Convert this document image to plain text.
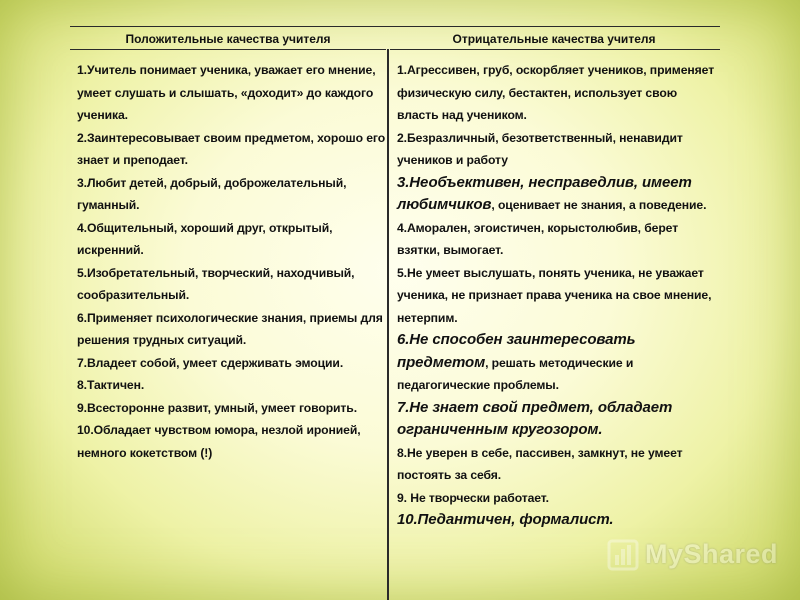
Положительные качества учителя	Отрицательные качества учителя

1.Учитель понимает ученика, уважает его мнение, умеет слушать и слышать, «доходит» до каждого ученика.

2.Заинтересовывает своим предметом, хорошо его знает и преподает.

3.Любит детей, добрый, доброжелательный, гуманный.

4.Общительный, хороший друг, открытый, искренний.

5.Изобретательный, творческий, находчивый, сообразительный.

6.Применяет психологические знания, приемы для решения трудных ситуаций.

7.Владеет собой, умеет сдерживать эмоции.

8.Тактичен.

9.Всесторонне развит, умный, умеет говорить.

10.Обладает чувством юмора, незлой иронией, немного кокетством (!)

1.Агрессивен, груб, оскорбляет учеников, применяет физическую силу, бестактен, использует свою власть над учеником.

2.Безразличный, безответственный, ненавидит учеников и работу

3.Необъективен, несправедлив, имеет любимчиков, оценивает не знания, а поведение.

4.Аморален, эгоистичен, корыстолюбив, берет взятки, вымогает.

5.Не умеет выслушать, понять ученика, не уважает ученика, не признает права ученика на свое мнение, нетерпим.

6.Не способен заинтересовать предметом, решать методические и педагогические проблемы.

7.Не знает свой предмет, обладает ограниченным кругозором.

8.Не уверен в себе, пассивен, замкнут, не умеет постоять за себя.

9. Не творчески работает.

10.Педантичен, формалист.

MyShared
